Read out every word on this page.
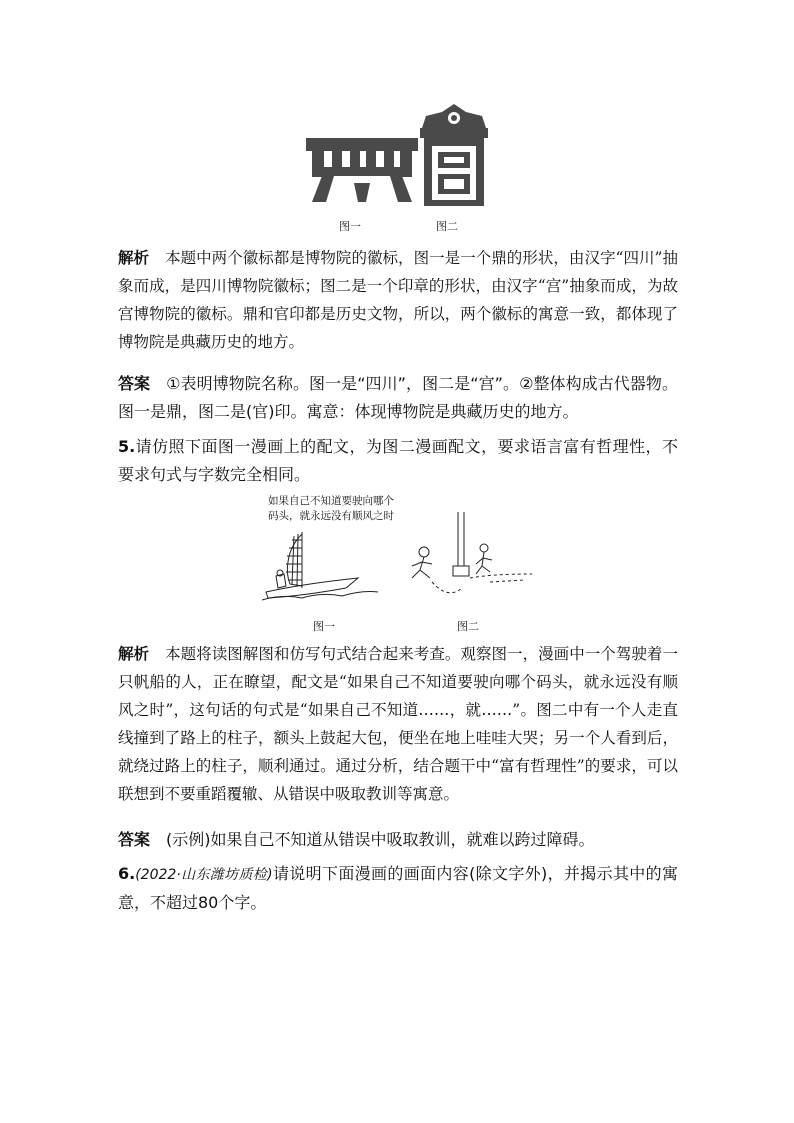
图一	图二

解析 本题中两个徽标都是博物院的徽标，图一是一个鼎的形状，由汉字“四川”抽象而成，是四川博物院徽标；图二是一个印章的形状，由汉字“宫”抽象而成，为故宫博物院的徽标。鼎和官印都是历史文物，所以，两个徽标的寓意一致，都体现了博物院是典藏历史的地方。

答案 ①表明博物院名称。图一是“四川”，图二是“宫”。②整体构成古代器物。图一是鼎，图二是(官)印。寓意：体现博物院是典藏历史的地方。

5.请仿照下面图一漫画上的配文，为图二漫画配文，要求语言富有哲理性，不要求句式与字数完全相同。

如果自己不知道要驶向哪个
码头，就永远没有顺风之时
图一	图二

解析 本题将读图解图和仿写句式结合起来考查。观察图一，漫画中一个驾驶着一只帆船的人，正在瞭望，配文是“如果自己不知道要驶向哪个码头，就永远没有顺风之时”，这句话的句式是“如果自己不知道……，就……”。图二中有一个人走直线撞到了路上的柱子，额头上鼓起大包，便坐在地上哇哇大哭；另一个人看到后，就绕过路上的柱子，顺利通过。通过分析，结合题干中“富有哲理性”的要求，可以联想到不要重蹈覆辙、从错误中吸取教训等寓意。

答案 (示例)如果自己不知道从错误中吸取教训，就难以跨过障碍。

6.(2022·山东潍坊质检)请说明下面漫画的画面内容(除文字外)，并揭示其中的寓意，不超过80个字。
